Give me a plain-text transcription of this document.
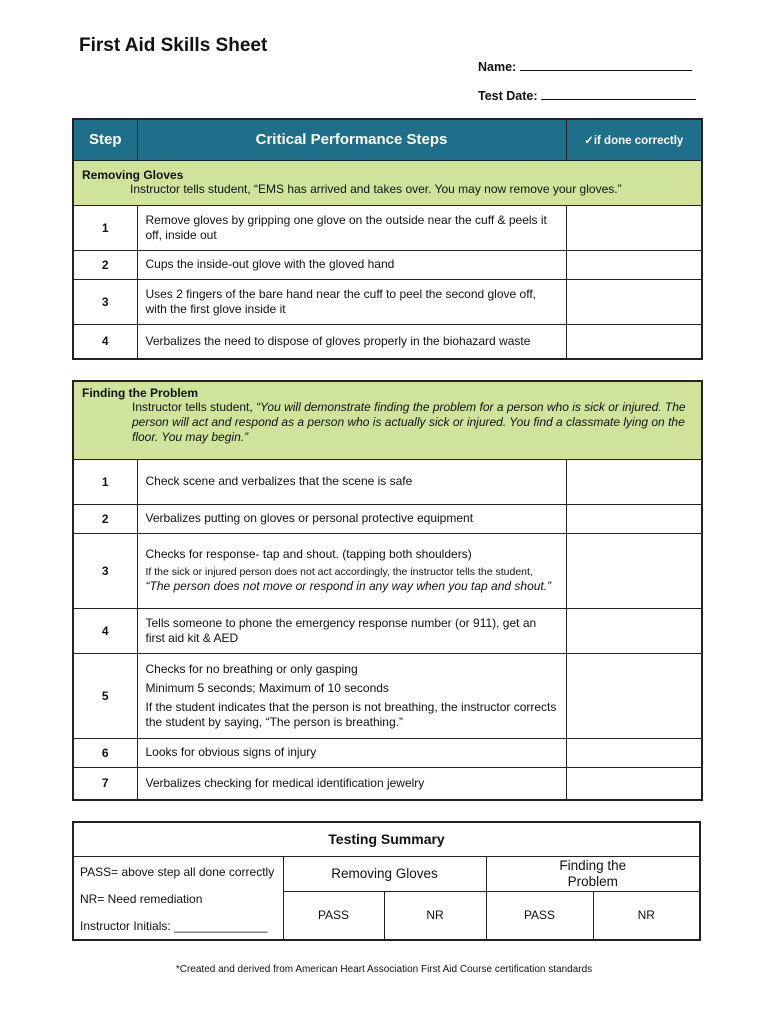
First Aid Skills Sheet
Name:
Test Date:
Step	Critical Performance Steps	✓if done correctly

Removing Gloves
Instructor tells student, “EMS has arrived and takes over. You may now remove your gloves.”		

1	Remove gloves by gripping one glove on the outside near the cuff & peels it off, inside out	
2	Cups the inside-out glove with the gloved hand	
3	Uses 2 fingers of the bare hand near the cuff to peel the second glove off, with the first glove inside it	
4	Verbalizes the need to dispose of gloves properly in the biohazard waste	
Finding the Problem
Instructor tells student, “You will demonstrate finding the problem for a person who is sick or injured. The person will act and respond as a person who is actually sick or injured. You find a classmate lying on the floor. You may begin.”		

1	Check scene and verbalizes that the scene is safe	
2	Verbalizes putting on gloves or personal protective equipment	
3	Checks for response- tap and shout. (tapping both shoulders)
If the sick or injured person does not act accordingly, the instructor tells the student, “The person does not move or respond in any way when you tap and shout.”	

4	Tells someone to phone the emergency response number (or 911), get an first aid kit & AED	
5	Checks for no breathing or only gasping
Minimum 5 seconds; Maximum of 10 seconds
If the student indicates that the person is not breathing, the instructor corrects the student by saying, “The person is breathing.”	

6	Looks for obvious signs of injury	
7	Verbalizes checking for medical identification jewelry	
Testing Summary				

PASS= above step all done correctly
NR= Need remediation
Instructor Initials: ______________	Removing Gloves		Finding the Problem	
	PASS	NR	PASS	NR
*Created and derived from American Heart Association First Aid Course certification standards
